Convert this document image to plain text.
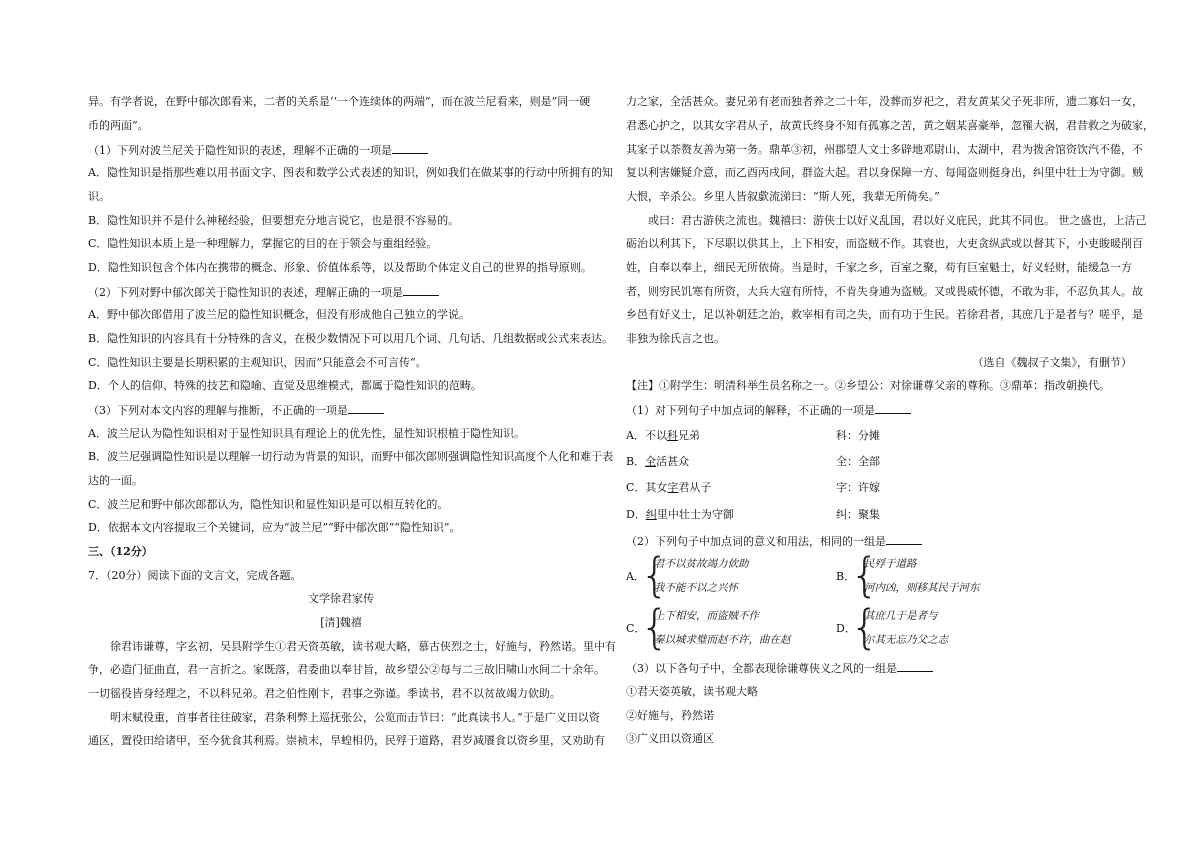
异。有学者说，在野中郁次郎看来，二者的关系是‘‘一个连续体的两端”，而在波兰尼看来，则是”同一硬
币的两面“。
（1）下列对波兰尼关于隐性知识的表述，理解不正确的一项是
A．隐性知识是指那些难以用书面文字、图表和数学公式表述的知识，例如我们在做某事的行动中所拥有的知
识。
B．隐性知识并不是什么神秘经验，但要想充分地言说它，也是很不容易的。
C．隐性知识本质上是一种理解力，掌握它的目的在于领会与重组经验。
D．隐性知识包含个体内在携带的概念、形象、价值体系等，以及帮助个体定义自己的世界的指导原则。
（2）下列对野中郁次郎关于隐性知识的表述，理解正确的一项是
A．野中郁次郎借用了波兰尼的隐性知识概念，但没有形成他自己独立的学说。
B．隐性知识的内容具有十分特殊的含义，在极少数情况下可以用几个词、几句话、几组数据或公式来表达。
C．隐性知识主要是长期积累的主观知识，因而”只能意会不可言传“。
D．个人的信仰、特殊的技艺和隐喻、直觉及思维模式，都属于隐性知识的范畴。
（3）下列对本文内容的理解与推断，不正确的一项是
A．波兰尼认为隐性知识相对于显性知识具有理论上的优先性，显性知识根植于隐性知识。
B．波兰尼强调隐性知识是以理解一切行动为背景的知识，而野中郁次郎则强调隐性知识高度个人化和难于表
达的一面。
C．波兰尼和野中郁次郎都认为，隐性知识和显性知识是可以相互转化的。
D．依据本文内容提取三个关键词，应为“波兰尼”“野中郁次郎”“隐性知识”。
三、（12分）
7．（20分）阅读下面的文言文，完成各题。
文学徐君家传
[清]魏禧
徐君讳谦尊，字玄初，吴县附学生①君天资英敏，读书观大略，慕古侠烈之士，好施与，矜然诺。里中有
争，必造门征曲直，君一言折之。家既落，君委曲以奉甘旨，故乡望公②每与二三故旧啸山水间二十余年。
一切徭役皆身经理之，不以科兄弟。君之伯性刚卞，君事之弥谨。季读书，君不以贫故竭力佽助。
明末赋役重，首事者往往破家，君条利弊上巡抚张公，公览而击节曰：“此真读书人。”于是广义田以资
通区，置役田给诸甲，至今犹食其利焉。崇祯末，旱蝗相仍，民殍于道路，君岁减餍食以资乡里，又劝助有
力之家，全活甚众。妻兄弟有老而独者养之二十年，没葬而岁祀之，君友黄某父子死非所，遗二寡妇一女，
君悉心护之，以其女字君从子，故黄氏终身不知有孤寡之苦，黄之姻某喜豪举，忽罹大祸，君昔救之为破家，
其家子以荼赘友善为第一务。鼎革③初，州郡望人文士多辟地邓尉山、太湖中，君为拨舍馆资饮汽不倦，不
复以利害嫌疑介意，而乙酉丙戌间，群盗大起。君以身保障一方、每闻盗则挺身出，纠里中壮士为守御。贼
大恨，辛杀公。乡里人皆叙歔流涕曰：“斯人死，我辈无所倚矣。”
或曰：君古游侠之流也。魏禧曰：游侠士以好义乱国，君以好义庇民，此其不同也。 世之盛也，上洁己
砺治以利其下，下尽职以供其上，上下相安，而盗贼不作。其衰也，大吏贪纵武或以督其下，小吏睃暖削百
姓，自奉以奉上，细民无所依倚。当是时，千家之乡，百室之聚，苟有巨室魁士，好义轻财，能缓急一方
者，则穷民饥寒有所资，大兵大寇有所恃，不肯失身逋为盗贼。又或畏威怀德，不敢为非，不忍负其人。故
乡邑有好义士，足以补朝廷之治，救宰相有司之失，而有功于生民。若徐君者，其庶几于是者与？嗟乎，是
非独为徐氏言之也。
（选自《魏叔子文集》，有删节）
【注】①附学生：明清科举生员名称之一。②乡望公：对徐谦尊父亲的尊称。③鼎革：指改朝换代。
（1）对下列句子中加点词的解释，不正确的一项是
A．不以科兄弟	科：分摊
B．全活甚众	全：全部
C．其女字君从子	字：许嫁
D．纠里中壮士为守御	纠：聚集
（2）下列句子中加点词的意义和用法，相同的一组是
A．
{
君不以贫故竭力佽助
我不能不以之兴怀
B．
{
民殍于道路
河内凶，则移其民于河东
C．
{
上下相安，而盗贼不作
秦以城求璧而赵不许，曲在赵
D．
{
其庶几于是者与
尔其无忘乃父之志
（3）以下各句子中，全都表现徐谦尊侠义之风的一组是
①君天姿英敏，读书观大略
②好施与，矜然诺
③广义田以资通区
